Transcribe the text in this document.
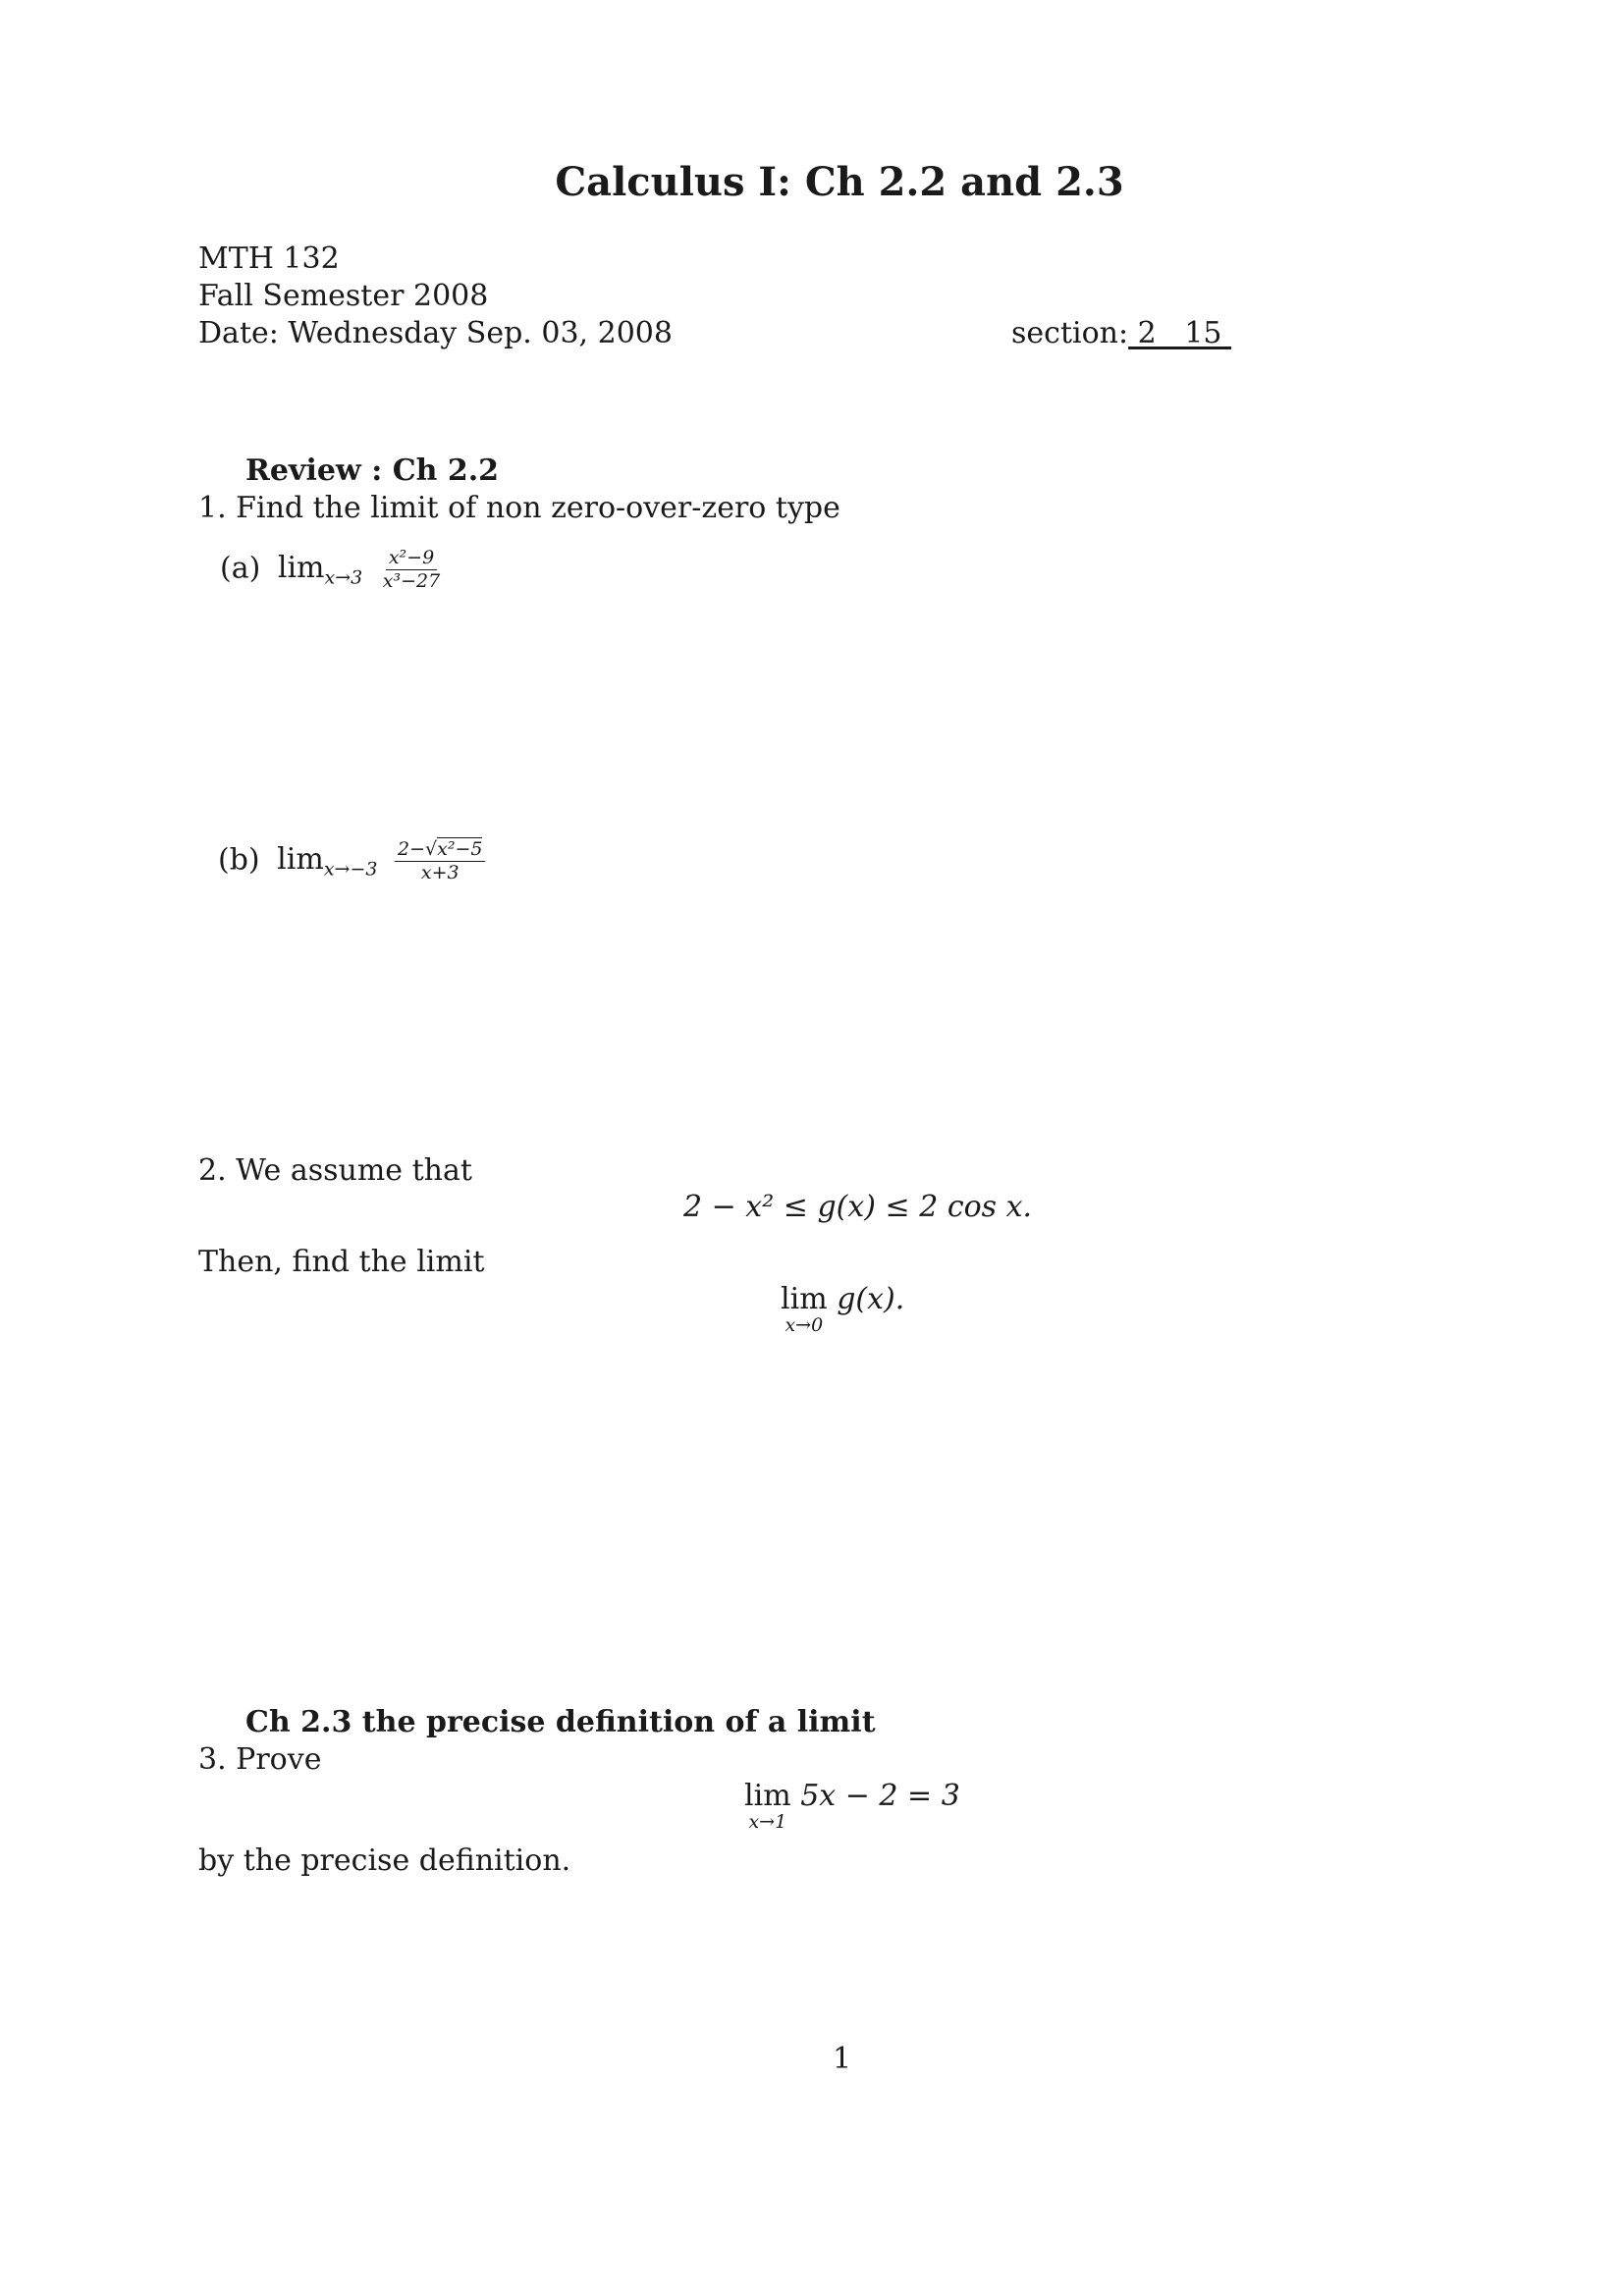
Calculus I: Ch 2.2 and 2.3
MTH 132
Fall Semester 2008
Date: Wednesday Sep. 03, 2008	section: 2   15
Review : Ch 2.2
1. Find the limit of non zero-over-zero type
(a) $\lim_{x\to 3} \frac{\text{x²−9}}{\text{x³−27}}$
(b) $\lim_{x\to-3} \frac{\text{2−√x²−5}}{x+3}$
2. We assume that
2 − x² ≤ g(x) ≤ 2 cos x.
Then, find the limit
lim
x→0
g(x).
Ch 2.3 the precise definition of a limit
3. Prove
lim
x→1
5x − 2 = 3
by the precise definition.
1
